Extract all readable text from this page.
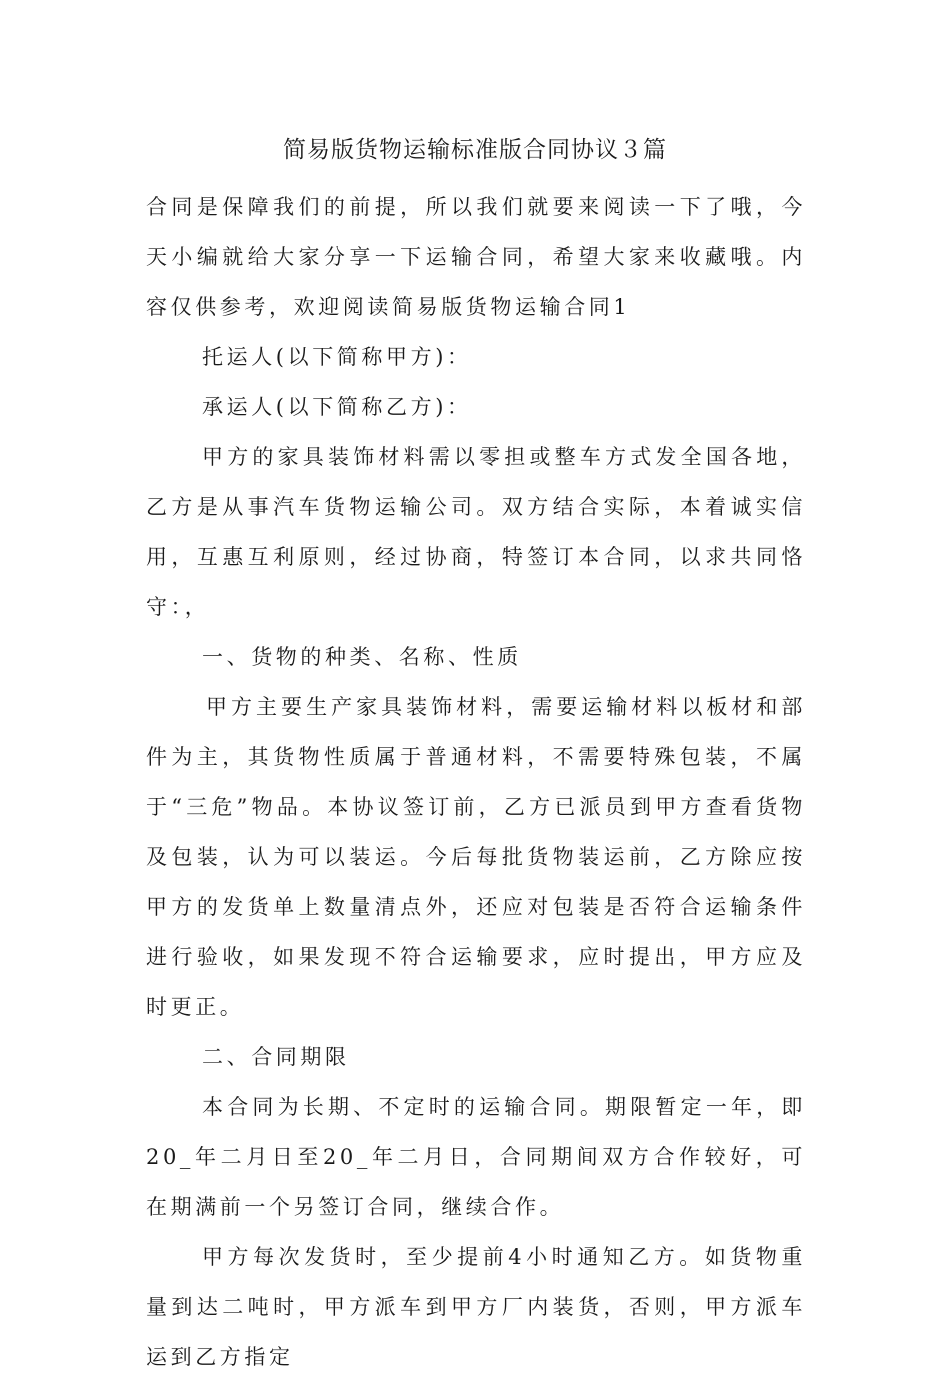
简易版货物运输标准版合同协议３篇

合同是保障我们的前提，所以我们就要来阅读一下了哦，今天小编就给大家分享一下运输合同，希望大家来收藏哦。内容仅供参考，欢迎阅读简易版货物运输合同1

托运人(以下简称甲方)：

承运人(以下简称乙方)：

甲方的家具装饰材料需以零担或整车方式发全国各地，乙方是从事汽车货物运输公司。双方结合实际，本着诚实信用，互惠互利原则，经过协商，特签订本合同，以求共同恪守：，

一、货物的种类、名称、性质

甲方主要生产家具装饰材料，需要运输材料以板材和部件为主，其货物性质属于普通材料，不需要特殊包装，不属于“三危”物品。本协议签订前，乙方已派员到甲方查看货物及包装，认为可以装运。今后每批货物装运前，乙方除应按甲方的发货单上数量清点外，还应对包装是否符合运输条件进行验收，如果发现不符合运输要求，应时提出，甲方应及时更正。

二、合同期限

本合同为长期、不定时的运输合同。期限暂定一年，即20_年二月日至20_年二月日，合同期间双方合作较好，可在期满前一个另签订合同，继续合作。

甲方每次发货时，至少提前4小时通知乙方。如货物重量到达二吨时，甲方派车到甲方厂内装货，否则，甲方派车运到乙方指定
